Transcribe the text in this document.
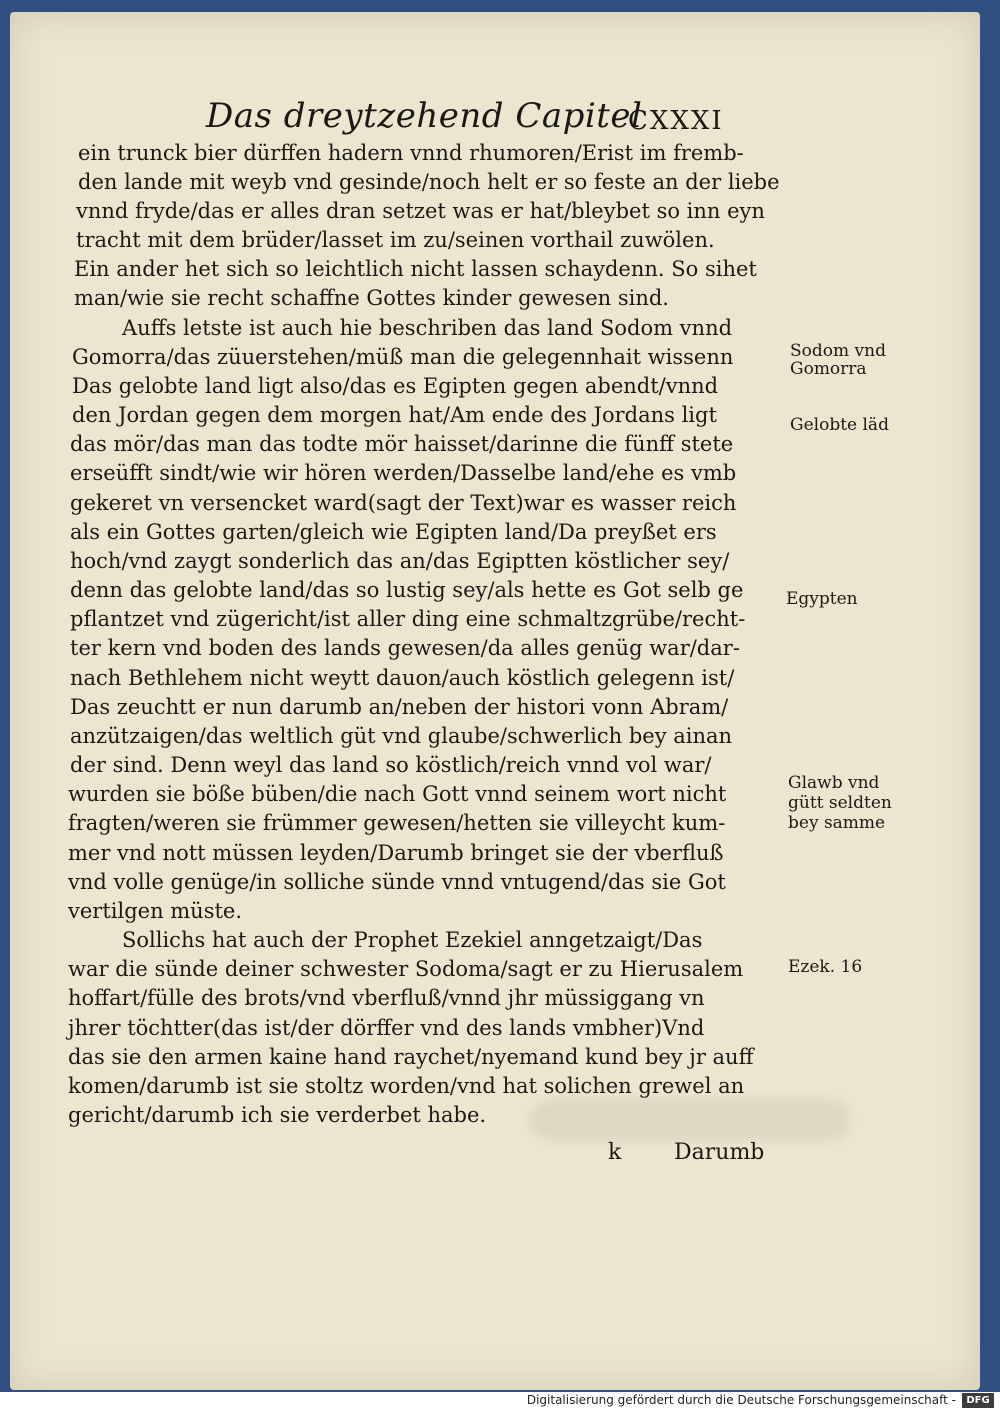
Das dreytzehend Capitel
CXXXI
ein trunck bier dürffen hadern vnnd rhumoren/Erist im fremb-
den lande mit weyb vnd gesinde/noch helt er so feste an der liebe
vnnd fryde/das er alles dran setzet was er hat/bleybet so inn eyn
tracht mit dem brüder/lasset im zu/seinen vorthail zuwölen.
Ein ander het sich so leichtlich nicht lassen schaydenn. So sihet
man/wie sie recht schaffne Gottes kinder gewesen sind.
Auffs letste ist auch hie beschriben das land Sodom vnnd
Gomorra/das züuerstehen/müß man die gelegennhait wissenn
Das gelobte land ligt also/das es Egipten gegen abendt/vnnd
den Jordan gegen dem morgen hat/Am ende des Jordans ligt
das mör/das man das todte mör haisset/darinne die fünff stete
erseüfft sindt/wie wir hören werden/Dasselbe land/ehe es vmb
gekeret vn versencket ward(sagt der Text)war es wasser reich
als ein Gottes garten/gleich wie Egipten land/Da preyßet ers
hoch/vnd zaygt sonderlich das an/das Egiptten köstlicher sey/
denn das gelobte land/das so lustig sey/als hette es Got selb ge
pflantzet vnd zügericht/ist aller ding eine schmaltzgrübe/recht-
ter kern vnd boden des lands gewesen/da alles genüg war/dar-
nach Bethlehem nicht weytt dauon/auch köstlich gelegenn ist/
Das zeuchtt er nun darumb an/neben der histori vonn Abram/
anzützaigen/das weltlich güt vnd glaube/schwerlich bey ainan
der sind. Denn weyl das land so köstlich/reich vnnd vol war/
wurden sie böße büben/die nach Gott vnnd seinem wort nicht
fragten/weren sie frümmer gewesen/hetten sie villeycht kum-
mer vnd nott müssen leyden/Darumb bringet sie der vberfluß
vnd volle genüge/in solliche sünde vnnd vntugend/das sie Got
vertilgen müste.
Sollichs hat auch der Prophet Ezekiel anngetzaigt/Das
war die sünde deiner schwester Sodoma/sagt er zu Hierusalem
hoffart/fülle des brots/vnd vberfluß/vnnd jhr müssiggang vn
jhrer töchtter(das ist/der dörffer vnd des lands vmbher)Vnd
das sie den armen kaine hand raychet/nyemand kund bey jr auff
komen/darumb ist sie stoltz worden/vnd hat solichen grewel an
gericht/darumb ich sie verderbet habe.
Sodom vnd
Gomorra
Gelobte läd
Egypten
Glawb vnd
gütt seldten
bey samme
Ezek. 16
k Darumb
Digitalisierung gefördert durch die Deutsche Forschungsgemeinschaft -	DFG
